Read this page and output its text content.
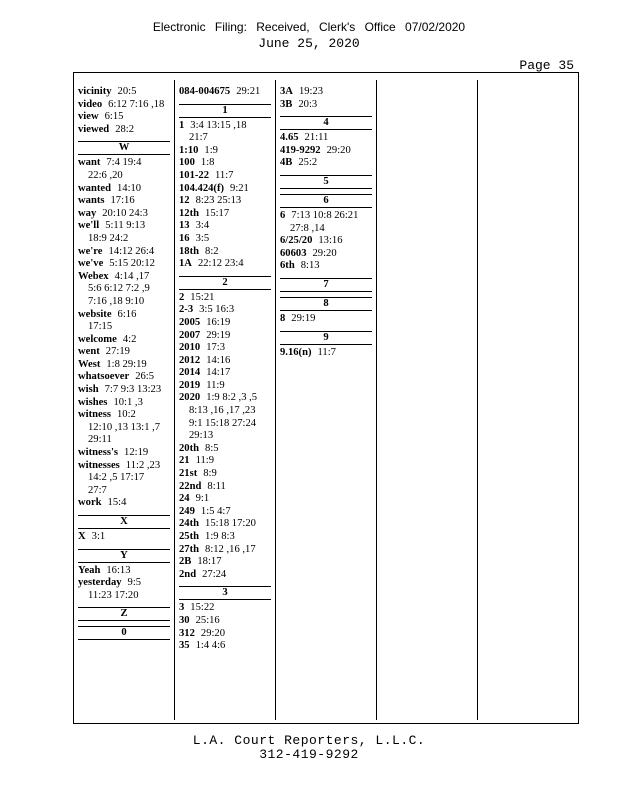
Electronic Filing: Received, Clerk's Office 07/02/2020
June 25, 2020
Page 35
vicinity 20:5
video 6:12 7:16 ,18
view 6:15
viewed 28:2
W
want 7:4 19:4
22:6 ,20
wanted 14:10
wants 17:16
way 20:10 24:3
we'll 5:11 9:13
18:9 24:2
we're 14:12 26:4
we've 5:15 20:12
Webex 4:14 ,17
5:6 6:12 7:2 ,9
7:16 ,18 9:10
website 6:16
17:15
welcome 4:2
went 27:19
West 1:8 29:19
whatsoever 26:5
wish 7:7 9:3 13:23
wishes 10:1 ,3
witness 10:2
12:10 ,13 13:1 ,7
29:11
witness's 12:19
witnesses 11:2 ,23
14:2 ,5 17:17
27:7
work 15:4
X
X 3:1
Y
Yeah 16:13
yesterday 9:5
11:23 17:20
Z
0
084-004675 29:21
1
1 3:4 13:15 ,18
21:7
1:10 1:9
100 1:8
101-22 11:7
104.424(f) 9:21
12 8:23 25:13
12th 15:17
13 3:4
16 3:5
18th 8:2
1A 22:12 23:4
2
2 15:21
2-3 3:5 16:3
2005 16:19
2007 29:19
2010 17:3
2012 14:16
2014 14:17
2019 11:9
2020 1:9 8:2 ,3 ,5
8:13 ,16 ,17 ,23
9:1 15:18 27:24
29:13
20th 8:5
21 11:9
21st 8:9
22nd 8:11
24 9:1
249 1:5 4:7
24th 15:18 17:20
25th 1:9 8:3
27th 8:12 ,16 ,17
2B 18:17
2nd 27:24
3
3 15:22
30 25:16
312 29:20
35 1:4 4:6
3A 19:23
3B 20:3
4
4.65 21:11
419-9292 29:20
4B 25:2
5
6
6 7:13 10:8 26:21
27:8 ,14
6/25/20 13:16
60603 29:20
6th 8:13
7
8
8 29:19
9
9.16(n) 11:7
L.A. Court Reporters, L.L.C.
312-419-9292
